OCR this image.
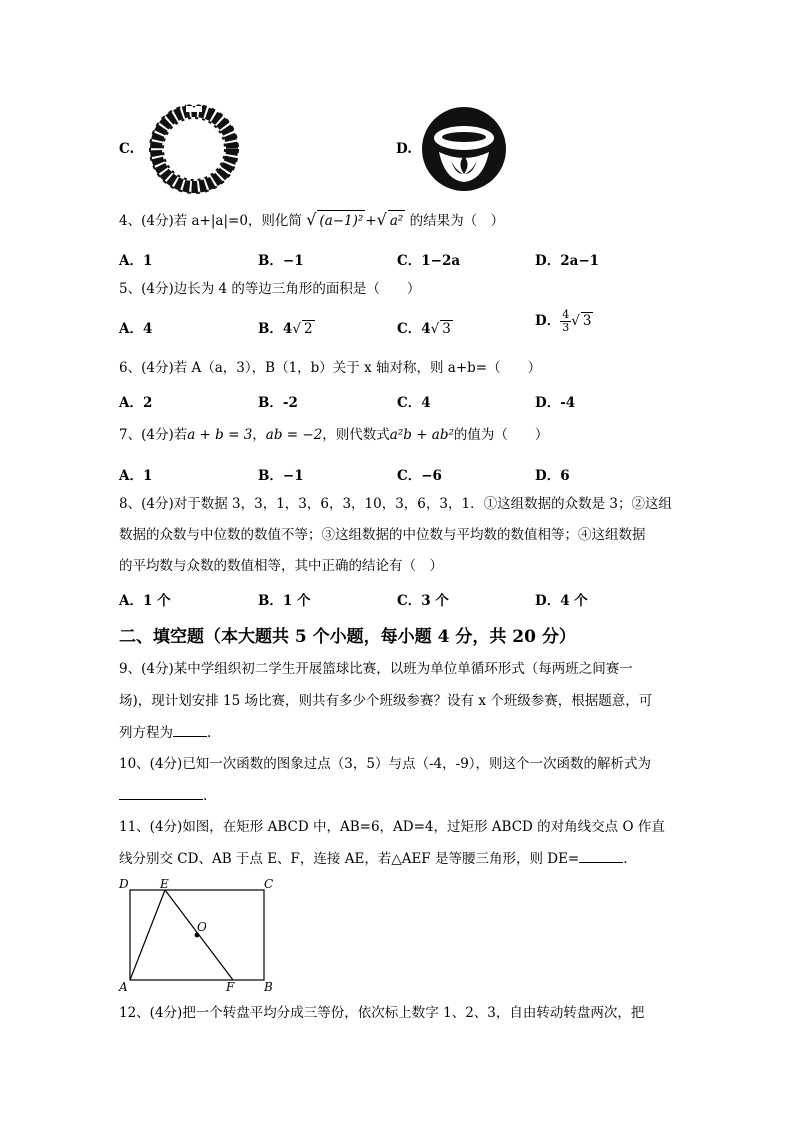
C.	D.
4、(4分)若 a+|a|=0，则化简 √ (a−1)² +√ a² 的结果为（　）
A．1	B．−1	C．1−2a	D．2a−1
5、(4分)边长为 4 的等边三角形的面积是（　　）
A．4	B．4√ 2	C．4√ 3	D． $\frac{4}{3}$ √ 3
6、(4分)若 A（a，3），B（1，b）关于 x 轴对称，则 a+b=（　　）
A．2	B．-2	C．4	D．-4
7、(4分)若a + b = 3，ab = −2，则代数式a²b + ab²的值为（　　）
A．1	B．−1	C．−6	D．6
8、(4分)对于数据 3，3，1，3，6，3，10，3，6，3，1．①这组数据的众数是 3；②这组
数据的众数与中位数的数值不等；③这组数据的中位数与平均数的数值相等；④这组数据
的平均数与众数的数值相等，其中正确的结论有（　）
A．1 个	B．1 个	C．3 个	D．4 个
二、填空题（本大题共 5 个小题，每小题 4 分，共 20 分）
9、(4分)某中学组织初二学生开展篮球比赛，以班为单位单循环形式（每两班之间赛一
场)，现计划安排 15 场比赛，则共有多少个班级参赛？设有 x 个班级参赛，根据题意，可
列方程为	.
10、(4分)已知一次函数的图象过点（3，5）与点（-4，-9），则这个一次函数的解析式为
.
11、(4分)如图，在矩形 ABCD 中，AB=6，AD=4，过矩形 ABCD 的对角线交点 O 作直
线分别交 CD、AB 于点 E、F，连接 AE，若△AEF 是等腰三角形，则 DE=	．
D	E	C
O
A	F B
12、(4分)把一个转盘平均分成三等份，依次标上数字 1、2、3，自由转动转盘两次，把
